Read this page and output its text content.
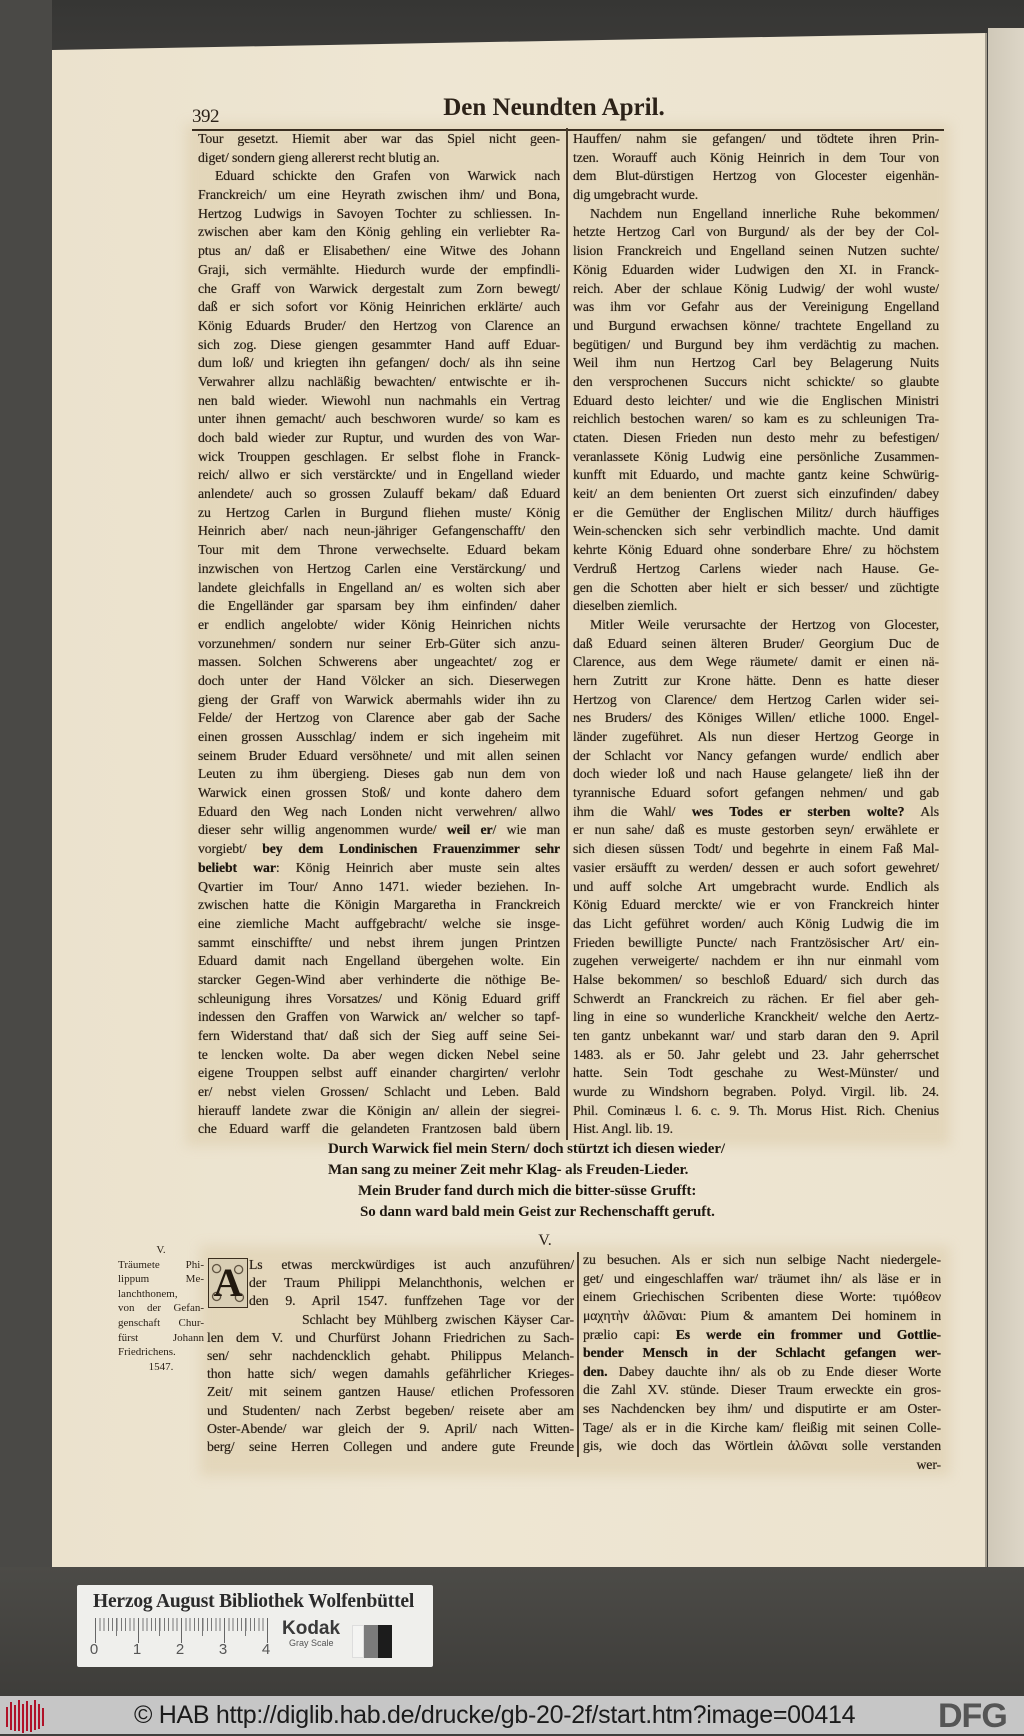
392	Den Neundten April.
Tour gesetzt. Hiemit aber war das Spiel nicht geen-
diget/ sondern gieng allererst recht blutig an.
Eduard schickte den Grafen von Warwick nach
Franckreich/ um eine Heyrath zwischen ihm/ und Bona,
Hertzog Ludwigs in Savoyen Tochter zu schliessen. In-
zwischen aber kam den König gehling ein verliebter Ra-
ptus an/ daß er Elisabethen/ eine Witwe des Johann
Graji, sich vermählte. Hiedurch wurde der empfindli-
che Graff von Warwick dergestalt zum Zorn bewegt/
daß er sich sofort vor König Heinrichen erklärte/ auch
König Eduards Bruder/ den Hertzog von Clarence an
sich zog. Diese giengen gesammter Hand auff Eduar-
dum loß/ und kriegten ihn gefangen/ doch/ als ihn seine
Verwahrer allzu nachläßig bewachten/ entwischte er ih-
nen bald wieder. Wiewohl nun nachmahls ein Vertrag
unter ihnen gemacht/ auch beschworen wurde/ so kam es
doch bald wieder zur Ruptur, und wurden des von War-
wick Trouppen geschlagen. Er selbst flohe in Franck-
reich/ allwo er sich verstärckte/ und in Engelland wieder
anlendete/ auch so grossen Zulauff bekam/ daß Eduard
zu Hertzog Carlen in Burgund fliehen muste/ König
Heinrich aber/ nach neun-jähriger Gefangenschafft/ den
Tour mit dem Throne verwechselte. Eduard bekam
inzwischen von Hertzog Carlen eine Verstärckung/ und
landete gleichfalls in Engelland an/ es wolten sich aber
die Engelländer gar sparsam bey ihm einfinden/ daher
er endlich angelobte/ wider König Heinrichen nichts
vorzunehmen/ sondern nur seiner Erb-Güter sich anzu-
massen. Solchen Schwerens aber ungeachtet/ zog er
doch unter der Hand Völcker an sich. Dieserwegen
gieng der Graff von Warwick abermahls wider ihn zu
Felde/ der Hertzog von Clarence aber gab der Sache
einen grossen Ausschlag/ indem er sich ingeheim mit
seinem Bruder Eduard versöhnete/ und mit allen seinen
Leuten zu ihm übergieng. Dieses gab nun dem von
Warwick einen grossen Stoß/ und konte dahero dem
Eduard den Weg nach Londen nicht verwehren/ allwo
dieser sehr willig angenommen wurde/ weil er/ wie man
vorgiebt/ bey dem Londinischen Frauenzimmer sehr
beliebt war: König Heinrich aber muste sein altes
Qvartier im Tour/ Anno 1471. wieder beziehen. In-
zwischen hatte die Königin Margaretha in Franckreich
eine ziemliche Macht auffgebracht/ welche sie insge-
sammt einschiffte/ und nebst ihrem jungen Printzen
Eduard damit nach Engelland übergehen wolte. Ein
starcker Gegen-Wind aber verhinderte die nöthige Be-
schleunigung ihres Vorsatzes/ und König Eduard griff
indessen den Graffen von Warwick an/ welcher so tapf-
fern Widerstand that/ daß sich der Sieg auff seine Sei-
te lencken wolte. Da aber wegen dicken Nebel seine
eigene Trouppen selbst auff einander chargirten/ verlohr
er/ nebst vielen Grossen/ Schlacht und Leben. Bald
hierauff landete zwar die Königin an/ allein der siegrei-
che Eduard warff die gelandeten Frantzosen bald übern
Hauffen/ nahm sie gefangen/ und tödtete ihren Prin-
tzen. Worauff auch König Heinrich in dem Tour von
dem Blut-dürstigen Hertzog von Glocester eigenhän-
dig umgebracht wurde.
Nachdem nun Engelland innerliche Ruhe bekommen/
hetzte Hertzog Carl von Burgund/ als der bey der Col-
lision Franckreich und Engelland seinen Nutzen suchte/
König Eduarden wider Ludwigen den XI. in Franck-
reich. Aber der schlaue König Ludwig/ der wohl wuste/
was ihm vor Gefahr aus der Vereinigung Engelland
und Burgund erwachsen könne/ trachtete Engelland zu
begütigen/ und Burgund bey ihm verdächtig zu machen.
Weil ihm nun Hertzog Carl bey Belagerung Nuits
den versprochenen Succurs nicht schickte/ so glaubte
Eduard desto leichter/ und wie die Englischen Ministri
reichlich bestochen waren/ so kam es zu schleunigen Tra-
ctaten. Diesen Frieden nun desto mehr zu befestigen/
veranlassete König Ludwig eine persönliche Zusammen-
kunfft mit Eduardo, und machte gantz keine Schwürig-
keit/ an dem benienten Ort zuerst sich einzufinden/ dabey
er die Gemüther der Englischen Militz/ durch häuffiges
Wein-schencken sich sehr verbindlich machte. Und damit
kehrte König Eduard ohne sonderbare Ehre/ zu höchstem
Verdruß Hertzog Carlens wieder nach Hause. Ge-
gen die Schotten aber hielt er sich besser/ und züchtigte
dieselben ziemlich.
Mitler Weile verursachte der Hertzog von Glocester,
daß Eduard seinen älteren Bruder/ Georgium Duc de
Clarence, aus dem Wege räumete/ damit er einen nä-
hern Zutritt zur Krone hätte. Denn es hatte dieser
Hertzog von Clarence/ dem Hertzog Carlen wider sei-
nes Bruders/ des Königes Willen/ etliche 1000. Engel-
länder zugeführet. Als nun dieser Hertzog George in
der Schlacht vor Nancy gefangen wurde/ endlich aber
doch wieder loß und nach Hause gelangete/ ließ ihn der
tyrannische Eduard sofort gefangen nehmen/ und gab
ihm die Wahl/ wes Todes er sterben wolte? Als
er nun sahe/ daß es muste gestorben seyn/ erwählete er
sich diesen süssen Todt/ und begehrte in einem Faß Mal-
vasier ersäufft zu werden/ dessen er auch sofort gewehret/
und auff solche Art umgebracht wurde. Endlich als
König Eduard merckte/ wie er von Franckreich hinter
das Licht geführet worden/ auch König Ludwig die im
Frieden bewilligte Puncte/ nach Frantzösischer Art/ ein-
zugehen verweigerte/ nachdem er ihn nur einmahl vom
Halse bekommen/ so beschloß Eduard/ sich durch das
Schwerdt an Franckreich zu rächen. Er fiel aber geh-
ling in eine so wunderliche Kranckheit/ welche den Aertz-
ten gantz unbekannt war/ und starb daran den 9. April
1483. als er 50. Jahr gelebt und 23. Jahr geherrschet
hatte. Sein Todt geschahe zu West-Münster/ und
wurde zu Windshorn begraben. Polyd. Virgil. lib. 24.
Phil. Cominæus l. 6. c. 9. Th. Morus Hist. Rich. Chenius
Hist. Angl. lib. 19.
Durch Warwick fiel mein Stern/ doch stürtzt ich diesen wieder/
Man sang zu meiner Zeit mehr Klag- als Freuden-Lieder.
Mein Bruder fand durch mich die bitter-süsse Grufft:
So dann ward bald mein Geist zur Rechenschafft geruft.
V.
V.
Träumete Phi-
lippum Me-
lanchthonem,
von der Gefan-
genschaft Chur-
fürst Johann
Friedrichens.
1547.
A Ls etwas merckwürdiges ist auch anzuführen/
der Traum Philippi Melanchthonis, welchen er
den 9. April 1547. funffzehen Tage vor der
Schlacht bey Mühlberg zwischen Käyser Car-
len dem V. und Churfürst Johann Friedrichen zu Sach-
sen/ sehr nachdencklich gehabt. Philippus Melanch-
thon hatte sich/ wegen damahls gefährlicher Krieges-
Zeit/ mit seinem gantzen Hause/ etlichen Professoren
und Studenten/ nach Zerbst begeben/ reisete aber am
Oster-Abende/ war gleich der 9. April/ nach Witten-
berg/ seine Herren Collegen und andere gute Freunde
zu besuchen. Als er sich nun selbige Nacht niedergele-
get/ und eingeschlaffen war/ träumet ihn/ als läse er in
einem Griechischen Scribenten diese Worte: τιμόθεον
μαχητὴν ἀλῶναι: Pium & amantem Dei hominem in
prælio capi: Es werde ein frommer und Gottlie-
bender Mensch in der Schlacht gefangen wer-
den. Dabey dauchte ihn/ als ob zu Ende dieser Worte
die Zahl XV. stünde. Dieser Traum erweckte ein gros-
ses Nachdencken bey ihm/ und disputirte er am Oster-
Tage/ als er in die Kirche kam/ fleißig mit seinen Colle-
gis, wie doch das Wörtlein ἀλῶναι solle verstanden
wer-
Herzog August Bibliothek Wolfenbüttel
0	1	2	3	4
Kodak
Gray Scale
© HAB http://diglib.hab.de/drucke/gb-20-2f/start.htm?image=00414 DFG
